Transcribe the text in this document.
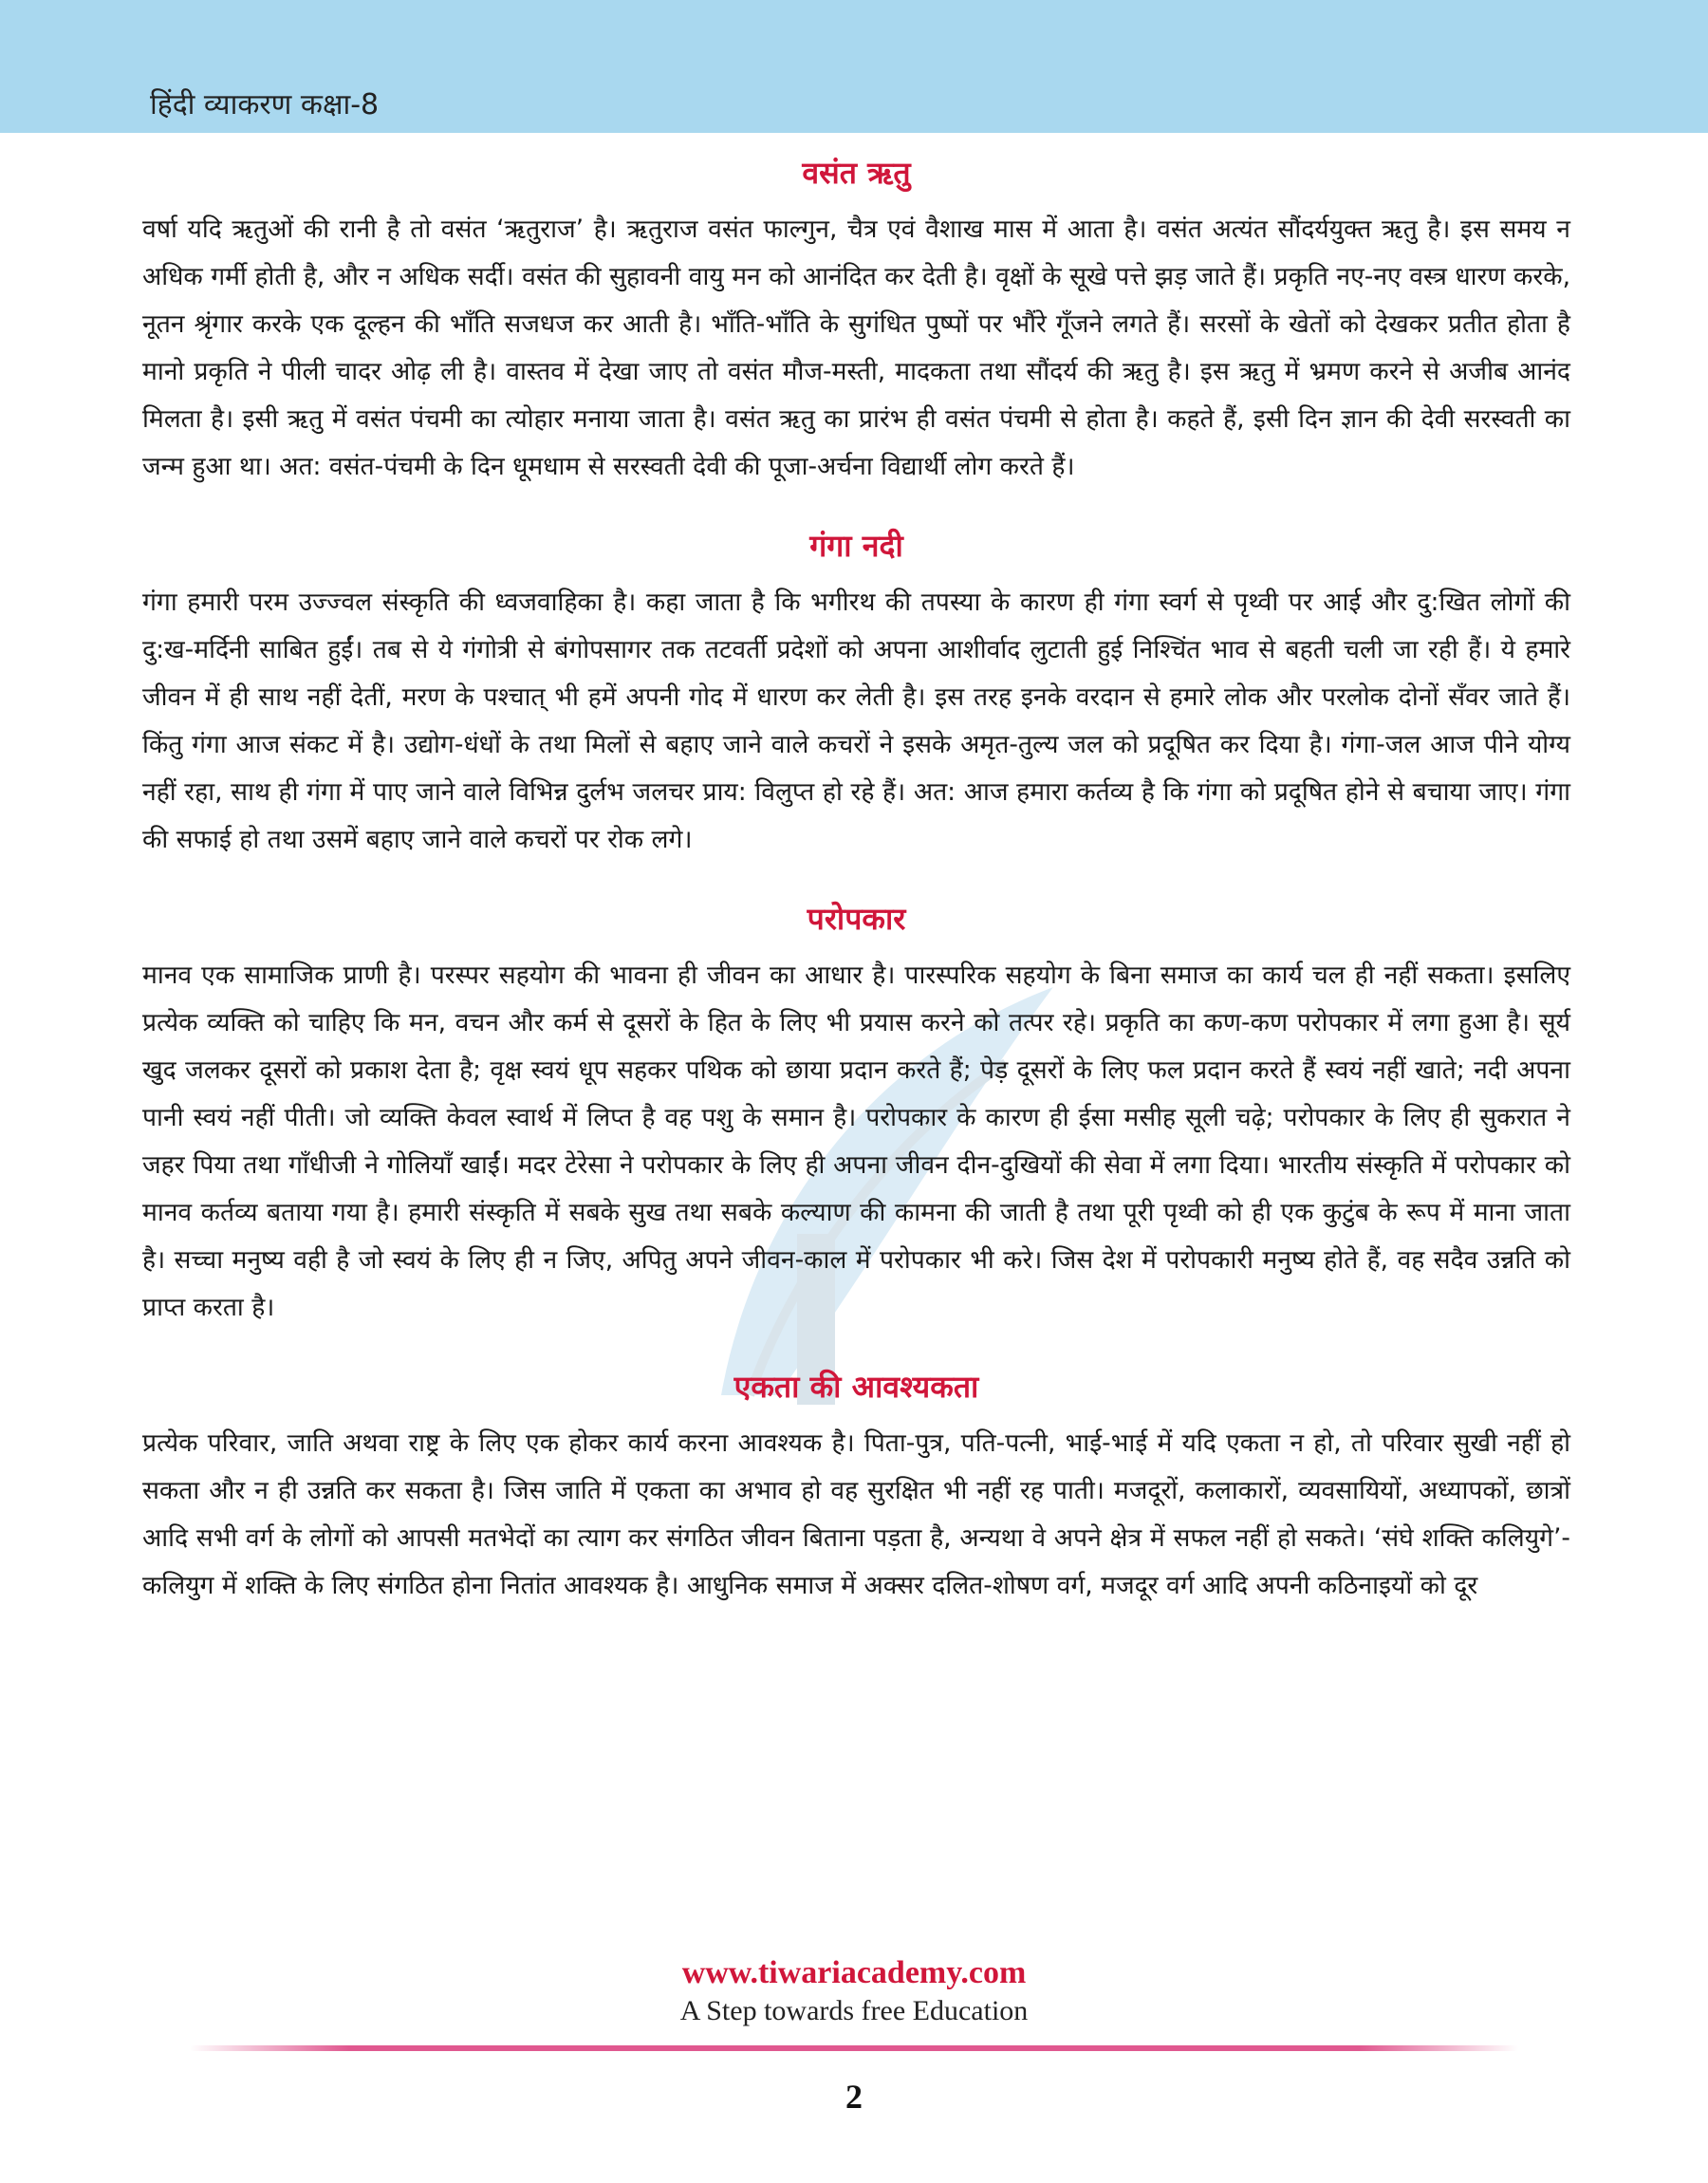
हिंदी व्याकरण कक्षा-8
वसंत ऋतु

वर्षा यदि ऋतुओं की रानी है तो वसंत ‘ऋतुराज’ है। ऋतुराज वसंत फाल्गुन, चैत्र एवं वैशाख मास में आता है। वसंत अत्यंत सौंदर्ययुक्त ऋतु है। इस समय न अधिक गर्मी होती है, और न अधिक सर्दी। वसंत की सुहावनी वायु मन को आनंदित कर देती है। वृक्षों के सूखे पत्ते झड़ जाते हैं। प्रकृति नए-नए वस्त्र धारण करके, नूतन श्रृंगार करके एक दूल्हन की भाँति सजधज कर आती है। भाँति-भाँति के सुगंधित पुष्पों पर भौंरे गूँजने लगते हैं। सरसों के खेतों को देखकर प्रतीत होता है मानो प्रकृति ने पीली चादर ओढ़ ली है। वास्तव में देखा जाए तो वसंत मौज-मस्ती, मादकता तथा सौंदर्य की ऋतु है। इस ऋतु में भ्रमण करने से अजीब आनंद मिलता है। इसी ऋतु में वसंत पंचमी का त्योहार मनाया जाता है। वसंत ऋतु का प्रारंभ ही वसंत पंचमी से होता है। कहते हैं, इसी दिन ज्ञान की देवी सरस्वती का जन्म हुआ था। अत: वसंत-पंचमी के दिन धूमधाम से सरस्वती देवी की पूजा-अर्चना विद्यार्थी लोग करते हैं।

गंगा नदी

गंगा हमारी परम उज्ज्वल संस्कृति की ध्वजवाहिका है। कहा जाता है कि भगीरथ की तपस्या के कारण ही गंगा स्वर्ग से पृथ्वी पर आई और दु:खित लोगों की दु:ख-मर्दिनी साबित हुईं। तब से ये गंगोत्री से बंगोपसागर तक तटवर्ती प्रदेशों को अपना आशीर्वाद लुटाती हुई निश्चिंत भाव से बहती चली जा रही हैं। ये हमारे जीवन में ही साथ नहीं देतीं, मरण के पश्चात् भी हमें अपनी गोद में धारण कर लेती है। इस तरह इनके वरदान से हमारे लोक और परलोक दोनों सँवर जाते हैं। किंतु गंगा आज संकट में है। उद्योग-धंधों के तथा मिलों से बहाए जाने वाले कचरों ने इसके अमृत-तुल्य जल को प्रदूषित कर दिया है। गंगा-जल आज पीने योग्य नहीं रहा, साथ ही गंगा में पाए जाने वाले विभिन्न दुर्लभ जलचर प्राय: विलुप्त हो रहे हैं। अत: आज हमारा कर्तव्य है कि गंगा को प्रदूषित होने से बचाया जाए। गंगा की सफाई हो तथा उसमें बहाए जाने वाले कचरों पर रोक लगे।

परोपकार

मानव एक सामाजिक प्राणी है। परस्पर सहयोग की भावना ही जीवन का आधार है। पारस्परिक सहयोग के बिना समाज का कार्य चल ही नहीं सकता। इसलिए प्रत्येक व्यक्ति को चाहिए कि मन, वचन और कर्म से दूसरों के हित के लिए भी प्रयास करने को तत्पर रहे। प्रकृति का कण-कण परोपकार में लगा हुआ है। सूर्य खुद जलकर दूसरों को प्रकाश देता है; वृक्ष स्वयं धूप सहकर पथिक को छाया प्रदान करते हैं; पेड़ दूसरों के लिए फल प्रदान करते हैं स्वयं नहीं खाते; नदी अपना पानी स्वयं नहीं पीती। जो व्यक्ति केवल स्वार्थ में लिप्त है वह पशु के समान है। परोपकार के कारण ही ईसा मसीह सूली चढ़े; परोपकार के लिए ही सुकरात ने जहर पिया तथा गाँधीजी ने गोलियाँ खाईं। मदर टेरेसा ने परोपकार के लिए ही अपना जीवन दीन-दुखियों की सेवा में लगा दिया। भारतीय संस्कृति में परोपकार को मानव कर्तव्य बताया गया है। हमारी संस्कृति में सबके सुख तथा सबके कल्याण की कामना की जाती है तथा पूरी पृथ्वी को ही एक कुटुंब के रूप में माना जाता है। सच्चा मनुष्य वही है जो स्वयं के लिए ही न जिए, अपितु अपने जीवन-काल में परोपकार भी करे। जिस देश में परोपकारी मनुष्य होते हैं, वह सदैव उन्नति को प्राप्त करता है।

एकता की आवश्यकता

प्रत्येक परिवार, जाति अथवा राष्ट्र के लिए एक होकर कार्य करना आवश्यक है। पिता-पुत्र, पति-पत्नी, भाई-भाई में यदि एकता न हो, तो परिवार सुखी नहीं हो सकता और न ही उन्नति कर सकता है। जिस जाति में एकता का अभाव हो वह सुरक्षित भी नहीं रह पाती। मजदूरों, कलाकारों, व्यवसायियों, अध्यापकों, छात्रों आदि सभी वर्ग के लोगों को आपसी मतभेदों का त्याग कर संगठित जीवन बिताना पड़ता है, अन्यथा वे अपने क्षेत्र में सफल नहीं हो सकते। ‘संघे शक्ति कलियुगे’- कलियुग में शक्ति के लिए संगठित होना नितांत आवश्यक है। आधुनिक समाज में अक्सर दलित-शोषण वर्ग, मजदूर वर्ग आदि अपनी कठिनाइयों को दूर

www.tiwariacademy.com
A Step towards free Education
2
